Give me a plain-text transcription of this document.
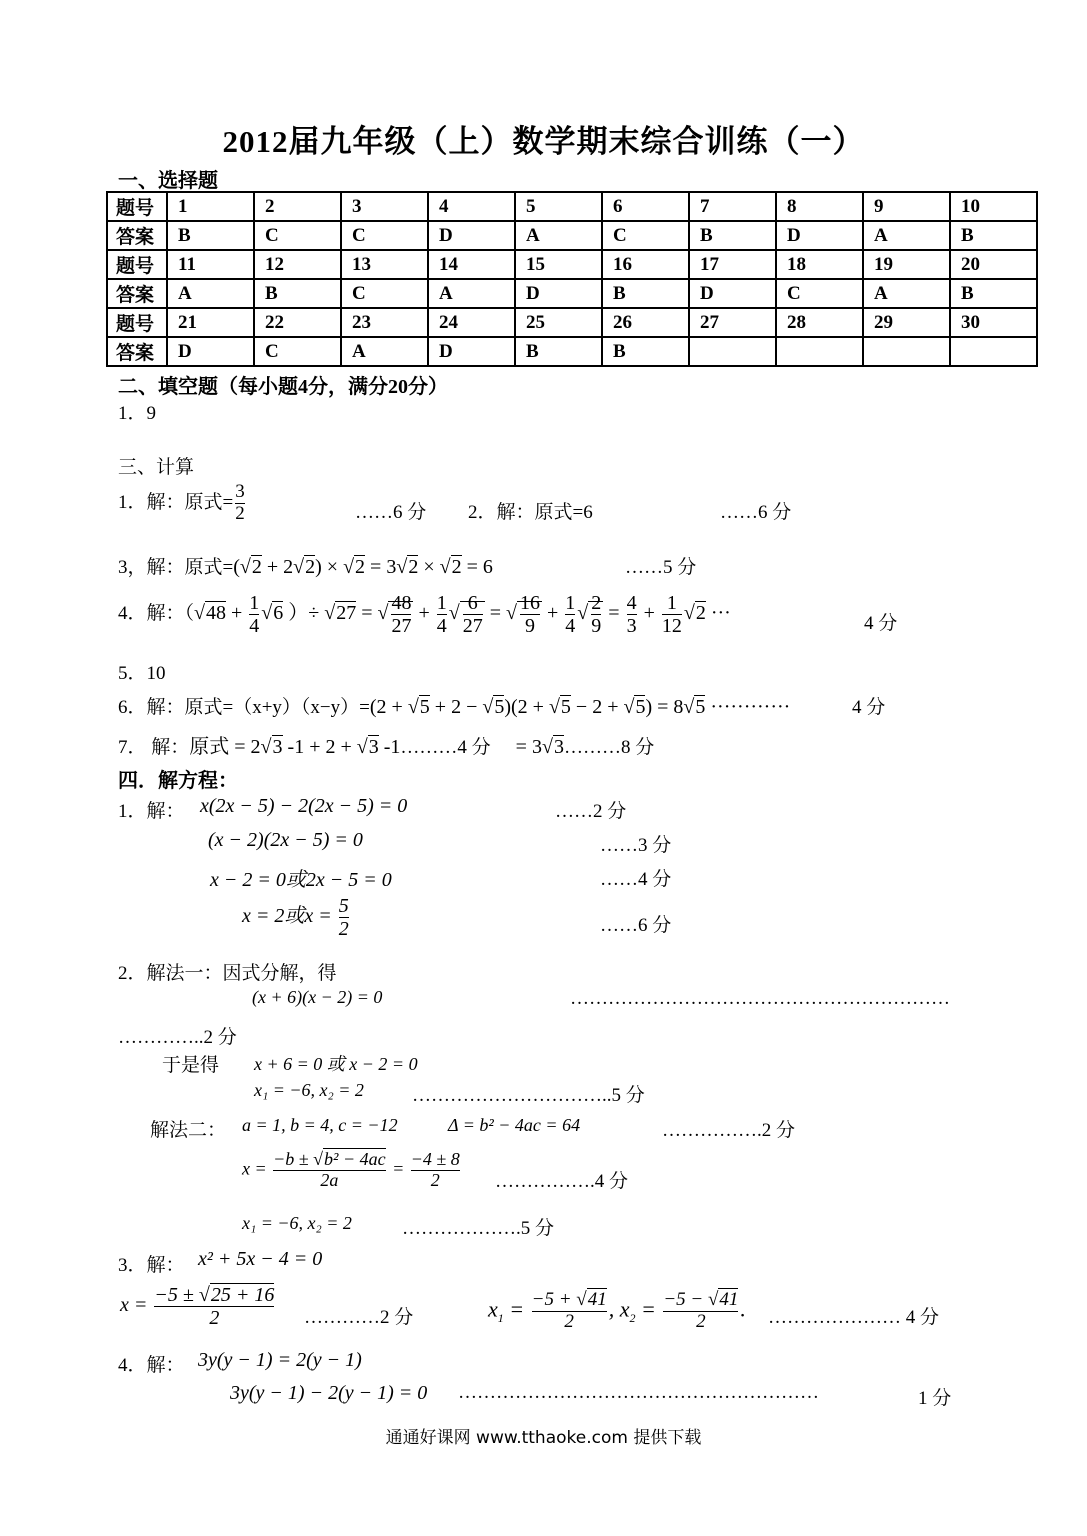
2012届九年级（上）数学期末综合训练（一）
一、选择题
题号	1	2	3	4	5	6	7	8	9	10
答案	B	C	C	D	A	C	B	D	A	B
题号	11	12	13	14	15	16	17	18	19	20
答案	A	B	C	A	D	B	D	C	A	B
题号	21	22	23	24	25	26	27	28	29	30
答案	D	C	A	D	B	B				
二、填空题（每小题4分，满分20分）
1．9
三、计算
1．解：原式= $\frac{3}{2}$	……6 分 2．解：原式=6	……6 分
3，解：原式=(√2 + 2√2) × √2 = 3√2 × √2 = 6	……5 分
4．解：（$√48 + \frac{1}{4} √6$ ）÷ √27 = √ $\frac{48}{27} + \frac{1}{4}$ √ $\frac{6}{27}$ = √ $\frac{16}{9} + \frac{1}{4}$ √ $\frac{2}{9} = \frac{4}{3} + \frac{1}{12} √2$ ···	4 分
5．10
6．解：原式=（x+y）（x−y）=(2 + √5 + 2 − √5)(2 + √5 − 2 + √5) = 8√5 ············	4 分
7． 解：原式 = 2√3 -1 + 2 + √3 -1………4 分     = 3√3………8 分
四．解方程：
1．解： x(2x − 5) − 2(2x − 5) = 0	……2 分
(x − 2)(2x − 5) = 0	……3 分
x − 2 = 0或2x − 5 = 0	……4 分
x = 2或$x = \frac{5}{2}$	……6 分
2．解法一：因式分解，得
(x + 6)(x − 2) = 0	……………………………………………………
…………..2 分
于是得 x + 6 = 0 或 x − 2 = 0
x₁ = −6, x₂ = 2	…………………………..5 分
解法二： a = 1, b = 4, c = −12	Δ = b² − 4ac = 64	…………….2 分
$x = \frac{\text{−b ± √b² − 4ac}}{2a} = \frac{-4 \pm 8}{2}$ …………….4 分
x₁ = −6, x₂ = 2	……………….5 分
3．解： x² + 5x − 4 = 0
$x = \frac{-5 \pm √25 + 16}{2}$ …………2 分	$x_1 = \frac{-5 + √41}{2}$ , $x_2 = \frac{-5 - √41}{2}$ . ………………… 4 分
4．解： 3y(y − 1) = 2(y − 1)
3y(y − 1) − 2(y − 1) = 0 …………………………………………………	1 分
通通好课网 www.tthaoke.com 提供下载
